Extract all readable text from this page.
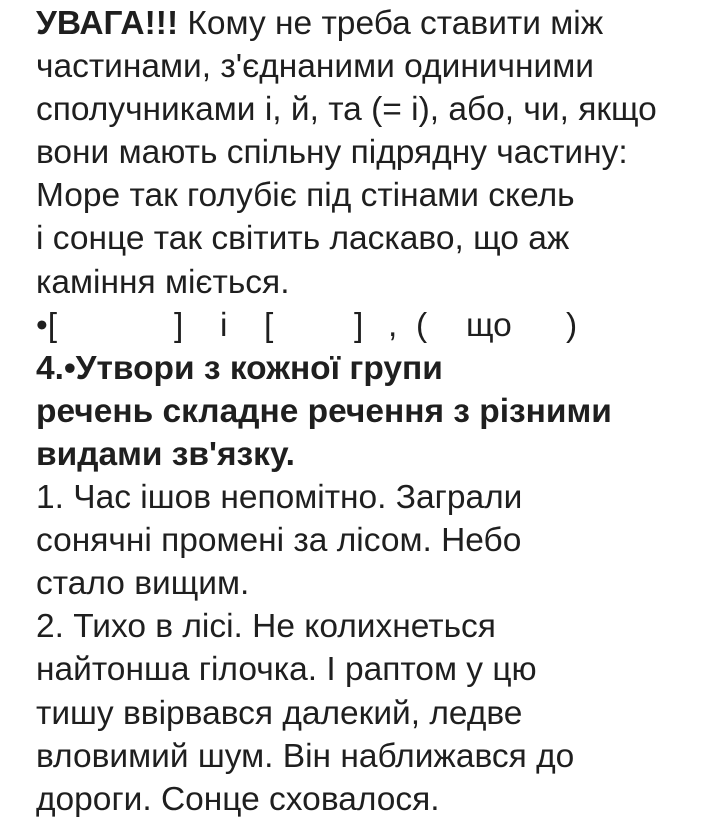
УВАГА!!! Кому не треба ставити між
частинами, з'єднаними одиничними
сполучниками і, й, та (= і), або, чи, якщо
вони мають спільну підрядну частину:
Море так голубіє під стінами скель
і сонце так світить ласкаво, що аж
каміння міється.
•[	] і [ ] , ( що )
4.•Утвори з кожної групи
речень складне речення з різними
видами зв'язку.
1. Час ішов непомітно. Заграли
сонячні промені за лісом. Небо
стало вищим.
2. Тихо в лісі. Не колихнеться
найтонша гілочка. І раптом у цю
тишу ввірвався далекий, ледве
вловимий шум. Він наближався до
дороги. Сонце сховалося.
